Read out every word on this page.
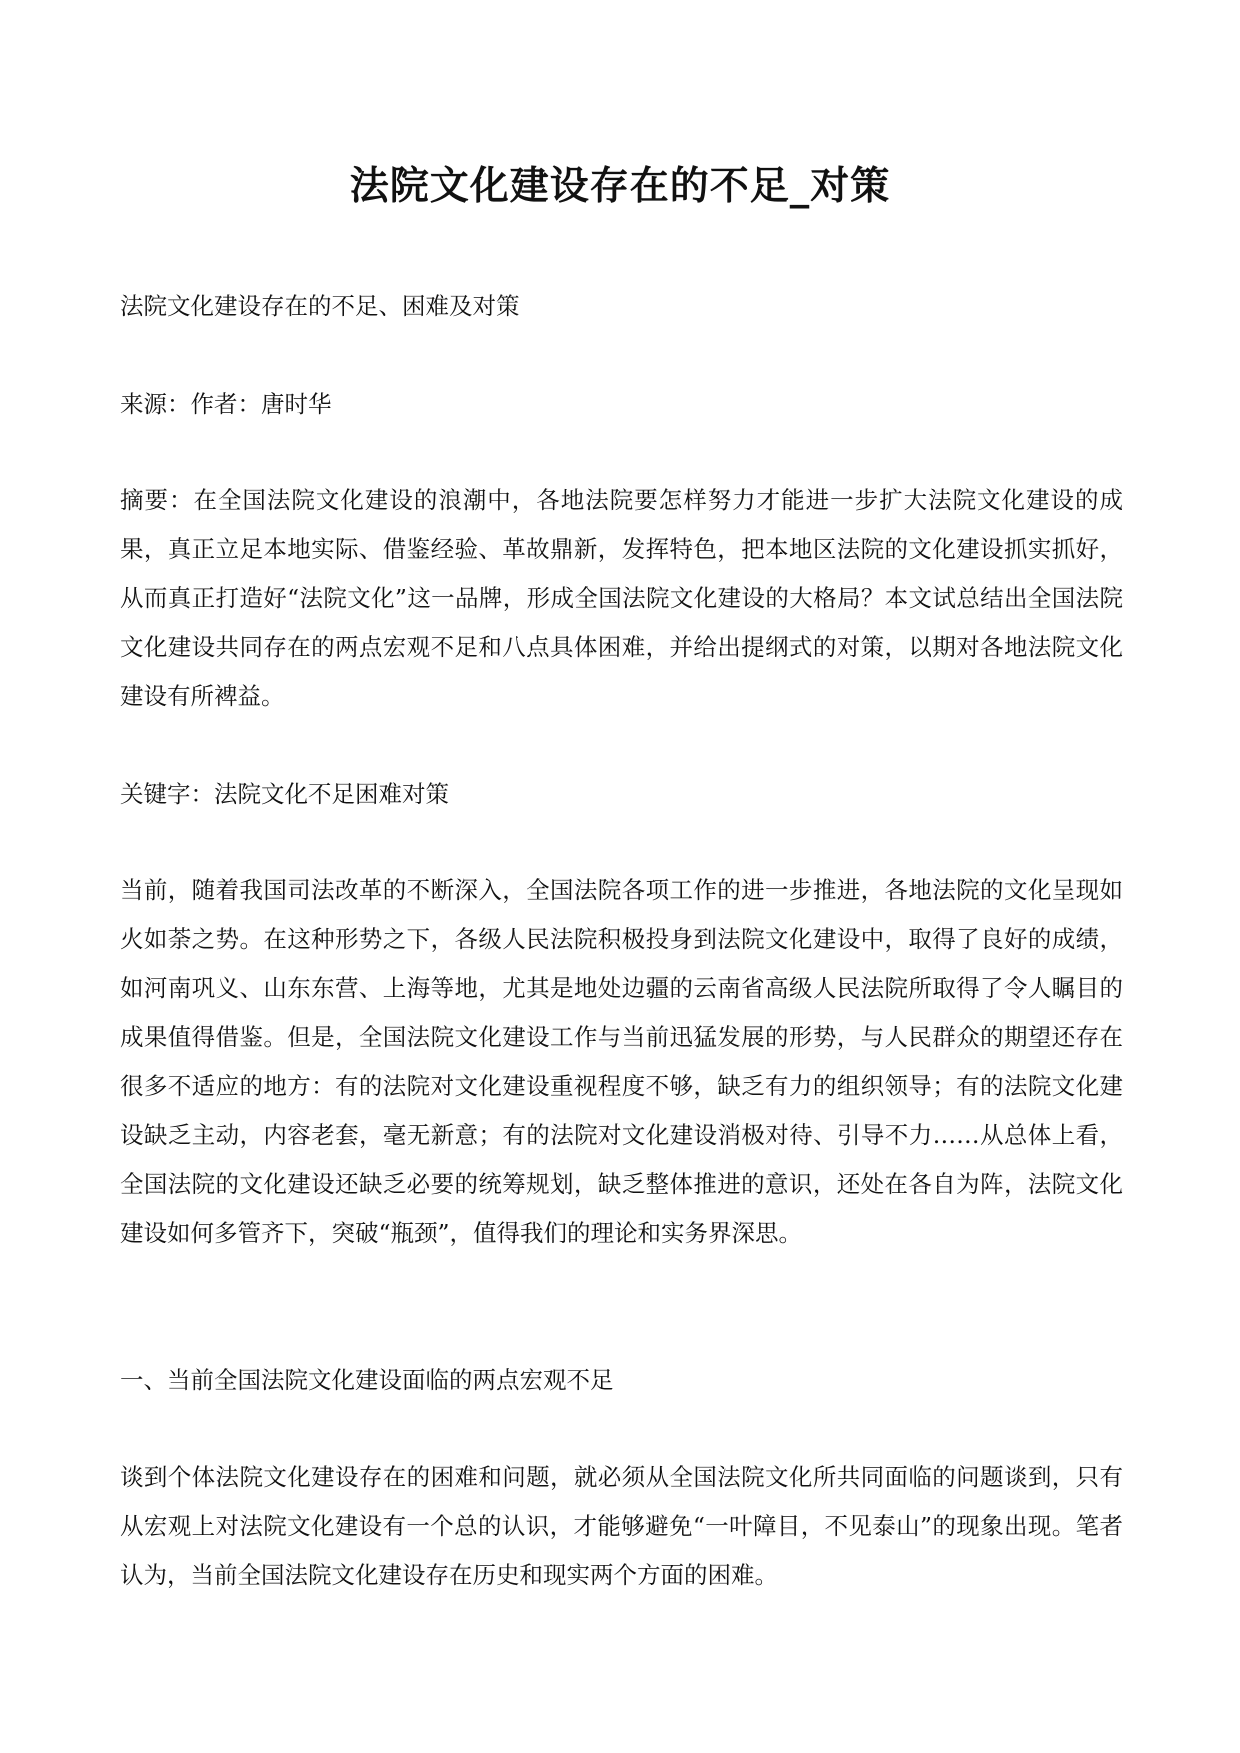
法院文化建设存在的不足_对策

法院文化建设存在的不足、困难及对策

来源：作者：唐时华

摘要：在全国法院文化建设的浪潮中，各地法院要怎样努力才能进一步扩大法院文化建设的成果，真正立足本地实际、借鉴经验、革故鼎新，发挥特色，把本地区法院的文化建设抓实抓好，从而真正打造好“法院文化”这一品牌，形成全国法院文化建设的大格局？本文试总结出全国法院文化建设共同存在的两点宏观不足和八点具体困难，并给出提纲式的对策，以期对各地法院文化建设有所裨益。

关键字：法院文化不足困难对策

当前，随着我国司法改革的不断深入，全国法院各项工作的进一步推进，各地法院的文化呈现如火如荼之势。在这种形势之下，各级人民法院积极投身到法院文化建设中，取得了良好的成绩，如河南巩义、山东东营、上海等地，尤其是地处边疆的云南省高级人民法院所取得了令人瞩目的成果值得借鉴。但是，全国法院文化建设工作与当前迅猛发展的形势，与人民群众的期望还存在很多不适应的地方：有的法院对文化建设重视程度不够，缺乏有力的组织领导；有的法院文化建设缺乏主动，内容老套，毫无新意；有的法院对文化建设消极对待、引导不力……从总体上看，全国法院的文化建设还缺乏必要的统筹规划，缺乏整体推进的意识，还处在各自为阵，法院文化建设如何多管齐下，突破“瓶颈”，值得我们的理论和实务界深思。

一、当前全国法院文化建设面临的两点宏观不足

谈到个体法院文化建设存在的困难和问题，就必须从全国法院文化所共同面临的问题谈到，只有从宏观上对法院文化建设有一个总的认识，才能够避免“一叶障目，不见泰山”的现象出现。笔者认为，当前全国法院文化建设存在历史和现实两个方面的困难。
